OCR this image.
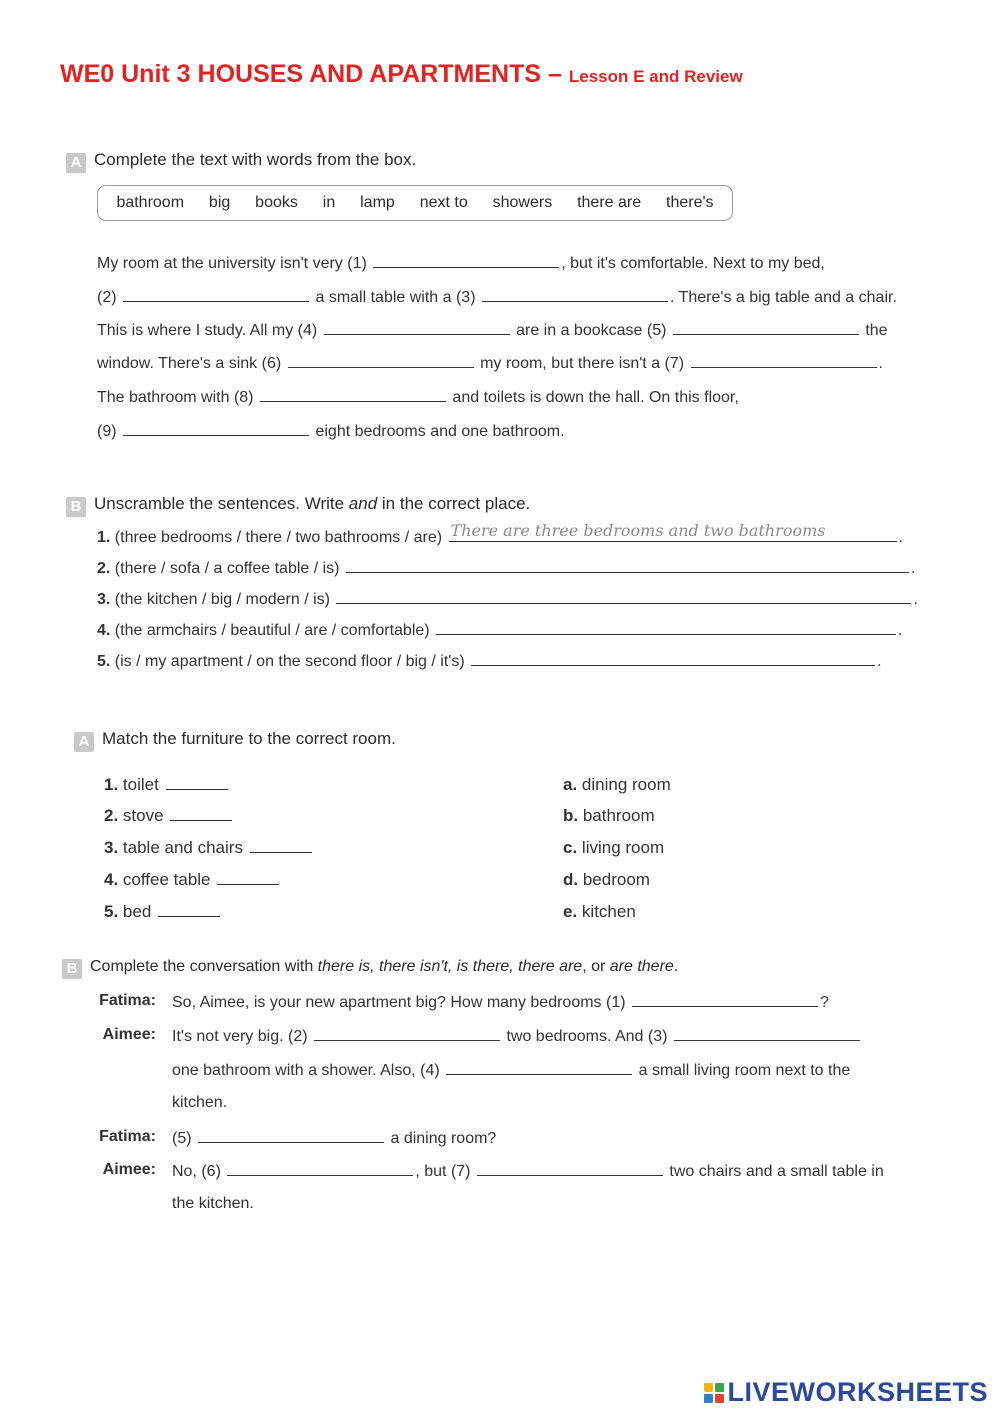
WE0 Unit 3 HOUSES AND APARTMENTS – Lesson E and Review
A Complete the text with words from the box.
bathroom big books in lamp next to showers there are there's
My room at the university isn't very (1)	, but it's comfortable. Next to my bed,
(2)	a small table with a (3)	. There's a big table and a chair.
This is where I study. All my (4)	are in a bookcase (5)	the
window. There's a sink (6)	my room, but there isn't a (7)	.
The bathroom with (8)	and toilets is down the hall. On this floor,
(9)	eight bedrooms and one bathroom.
B Unscramble the sentences. Write and in the correct place.
1. (three bedrooms / there / two bathrooms / are) There are three bedrooms and two bathrooms	.
2. (there / sofa / a coffee table / is)	.
3. (the kitchen / big / modern / is)	.
4. (the armchairs / beautiful / are / comfortable)	.
5. (is / my apartment / on the second floor / big / it's)	.
A Match the furniture to the correct room.
1. toilet
2. stove
3. table and chairs
4. coffee table
5. bed
a. dining room
b. bathroom
c. living room
d. bedroom
e. kitchen
B Complete the conversation with there is, there isn't, is there, there are, or are there.
Fatima: So, Aimee, is your new apartment big? How many bedrooms (1)	?
Aimee: It's not very big. (2)	two bedrooms. And (3)
one bathroom with a shower. Also, (4)	a small living room next to the
kitchen.
Fatima: (5)	a dining room?
Aimee: No, (6)	, but (7)	two chairs and a small table in
the kitchen.
LIVEWORKSHEETS
